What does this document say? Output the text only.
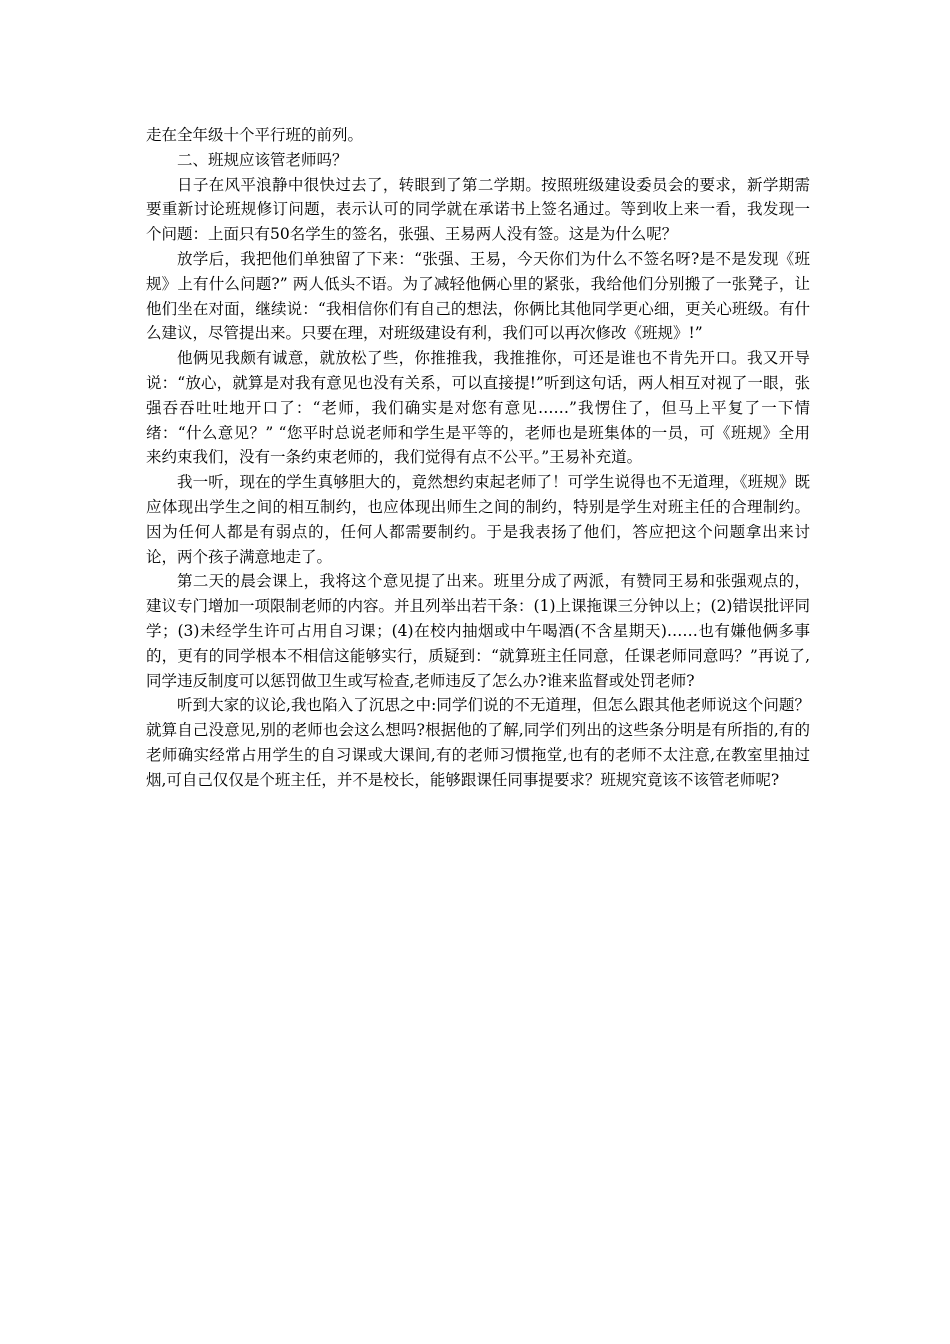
走在全年级十个平行班的前列。

二、班规应该管老师吗？

日子在风平浪静中很快过去了，转眼到了第二学期。按照班级建设委员会的要求，新学期需要重新讨论班规修订问题，表示认可的同学就在承诺书上签名通过。等到收上来一看，我发现一个问题：上面只有50名学生的签名，张强、王易两人没有签。这是为什么呢？

放学后，我把他们单独留了下来：“张强、王易，今天你们为什么不签名呀?是不是发现《班规》上有什么问题?” 两人低头不语。为了减轻他俩心里的紧张，我给他们分别搬了一张凳子，让他们坐在对面，继续说：“我相信你们有自己的想法，你俩比其他同学更心细，更关心班级。有什么建议，尽管提出来。只要在理，对班级建设有利，我们可以再次修改《班规》!”

他俩见我颇有诚意，就放松了些，你推推我，我推推你，可还是谁也不肯先开口。我又开导说：“放心，就算是对我有意见也没有关系，可以直接提!”听到这句话，两人相互对视了一眼，张强吞吞吐吐地开口了：“老师，我们确实是对您有意见……”我愣住了，但马上平复了一下情绪：“什么意见？” “您平时总说老师和学生是平等的，老师也是班集体的一员，可《班规》全用来约束我们，没有一条约束老师的，我们觉得有点不公平。”王易补充道。

我一听，现在的学生真够胆大的，竟然想约束起老师了！可学生说得也不无道理，《班规》既应体现出学生之间的相互制约，也应体现出师生之间的制约，特别是学生对班主任的合理制约。因为任何人都是有弱点的，任何人都需要制约。于是我表扬了他们，答应把这个问题拿出来讨论，两个孩子满意地走了。

第二天的晨会课上，我将这个意见提了出来。班里分成了两派，有赞同王易和张强观点的，建议专门增加一项限制老师的内容。并且列举出若干条：(1)上课拖课三分钟以上；(2)错误批评同学；(3)未经学生许可占用自习课；(4)在校内抽烟或中午喝酒(不含星期天)……也有嫌他俩多事的，更有的同学根本不相信这能够实行，质疑到：“就算班主任同意，任课老师同意吗？”再说了,同学违反制度可以惩罚做卫生或写检查,老师违反了怎么办?谁来监督或处罚老师?

听到大家的议论,我也陷入了沉思之中:同学们说的不无道理，但怎么跟其他老师说这个问题？就算自己没意见,别的老师也会这么想吗?根据他的了解,同学们列出的这些条分明是有所指的,有的老师确实经常占用学生的自习课或大课间,有的老师习惯拖堂,也有的老师不太注意,在教室里抽过烟,可自己仅仅是个班主任，并不是校长，能够跟课任同事提要求？班规究竟该不该管老师呢?
